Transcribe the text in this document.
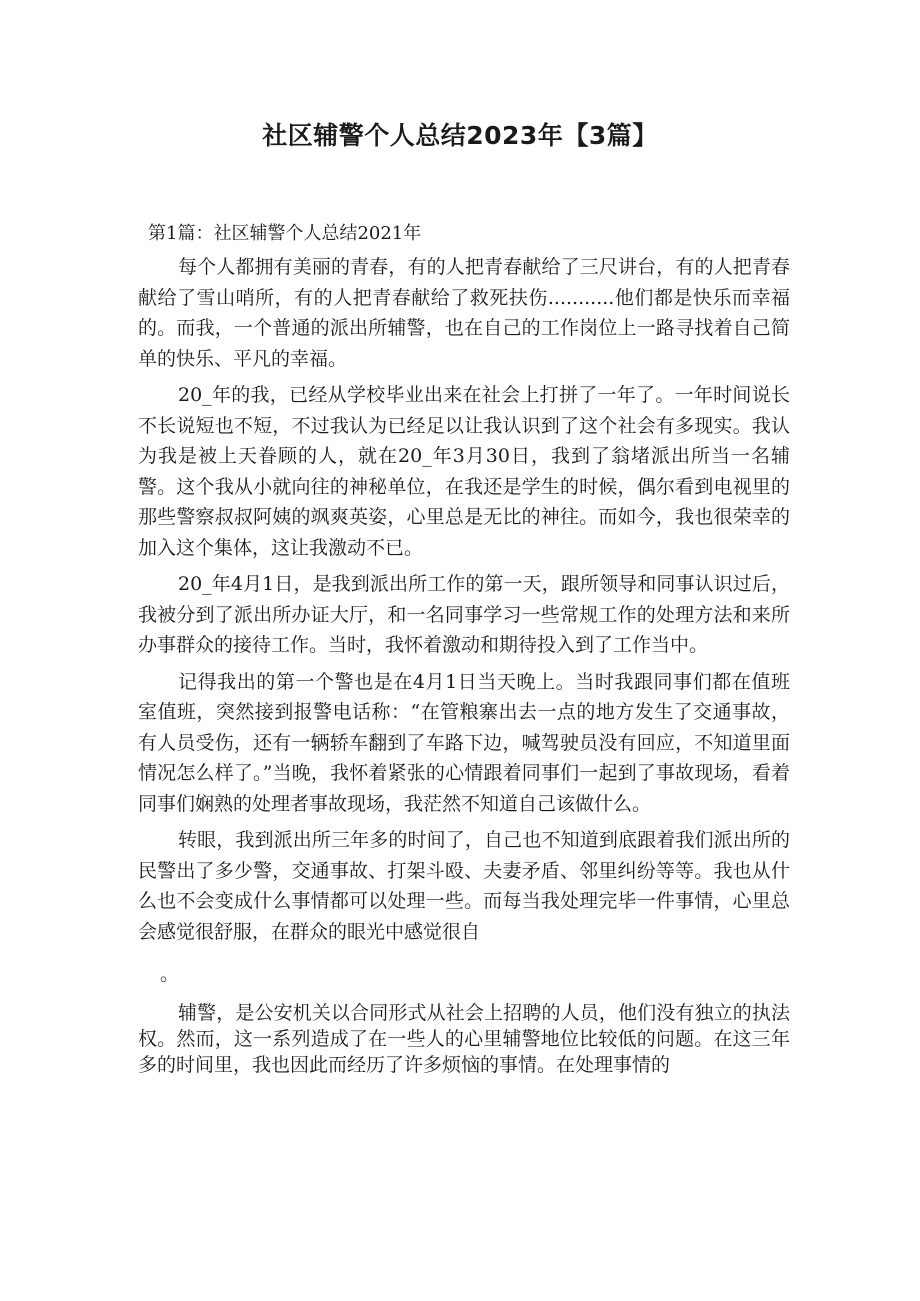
社区辅警个人总结2023年【3篇】

第1篇：社区辅警个人总结2021年

每个人都拥有美丽的青春，有的人把青春献给了三尺讲台，有的人把青春献给了雪山哨所，有的人把青春献给了救死扶伤...........他们都是快乐而幸福的。而我，一个普通的派出所辅警，也在自己的工作岗位上一路寻找着自己简单的快乐、平凡的幸福。

20_年的我，已经从学校毕业出来在社会上打拼了一年了。一年时间说长不长说短也不短，不过我认为已经足以让我认识到了这个社会有多现实。我认为我是被上天眷顾的人，就在20_年3月30日，我到了翁堵派出所当一名辅警。这个我从小就向往的神秘单位，在我还是学生的时候，偶尔看到电视里的那些警察叔叔阿姨的飒爽英姿，心里总是无比的神往。而如今，我也很荣幸的加入这个集体，这让我激动不已。

20_年4月1日，是我到派出所工作的第一天，跟所领导和同事认识过后，我被分到了派出所办证大厅，和一名同事学习一些常规工作的处理方法和来所办事群众的接待工作。当时，我怀着激动和期待投入到了工作当中。

记得我出的第一个警也是在4月1日当天晚上。当时我跟同事们都在值班室值班，突然接到报警电话称：“在管粮寨出去一点的地方发生了交通事故，有人员受伤，还有一辆轿车翻到了车路下边，喊驾驶员没有回应，不知道里面情况怎么样了。”当晚，我怀着紧张的心情跟着同事们一起到了事故现场，看着同事们娴熟的处理者事故现场，我茫然不知道自己该做什么。

转眼，我到派出所三年多的时间了，自己也不知道到底跟着我们派出所的民警出了多少警，交通事故、打架斗殴、夫妻矛盾、邻里纠纷等等。我也从什么也不会变成什么事情都可以处理一些。而每当我处理完毕一件事情，心里总会感觉很舒服，在群众的眼光中感觉很自

。

辅警，是公安机关以合同形式从社会上招聘的人员，他们没有独立的执法权。然而，这一系列造成了在一些人的心里辅警地位比较低的问题。在这三年多的时间里，我也因此而经历了许多烦恼的事情。在处理事情的
